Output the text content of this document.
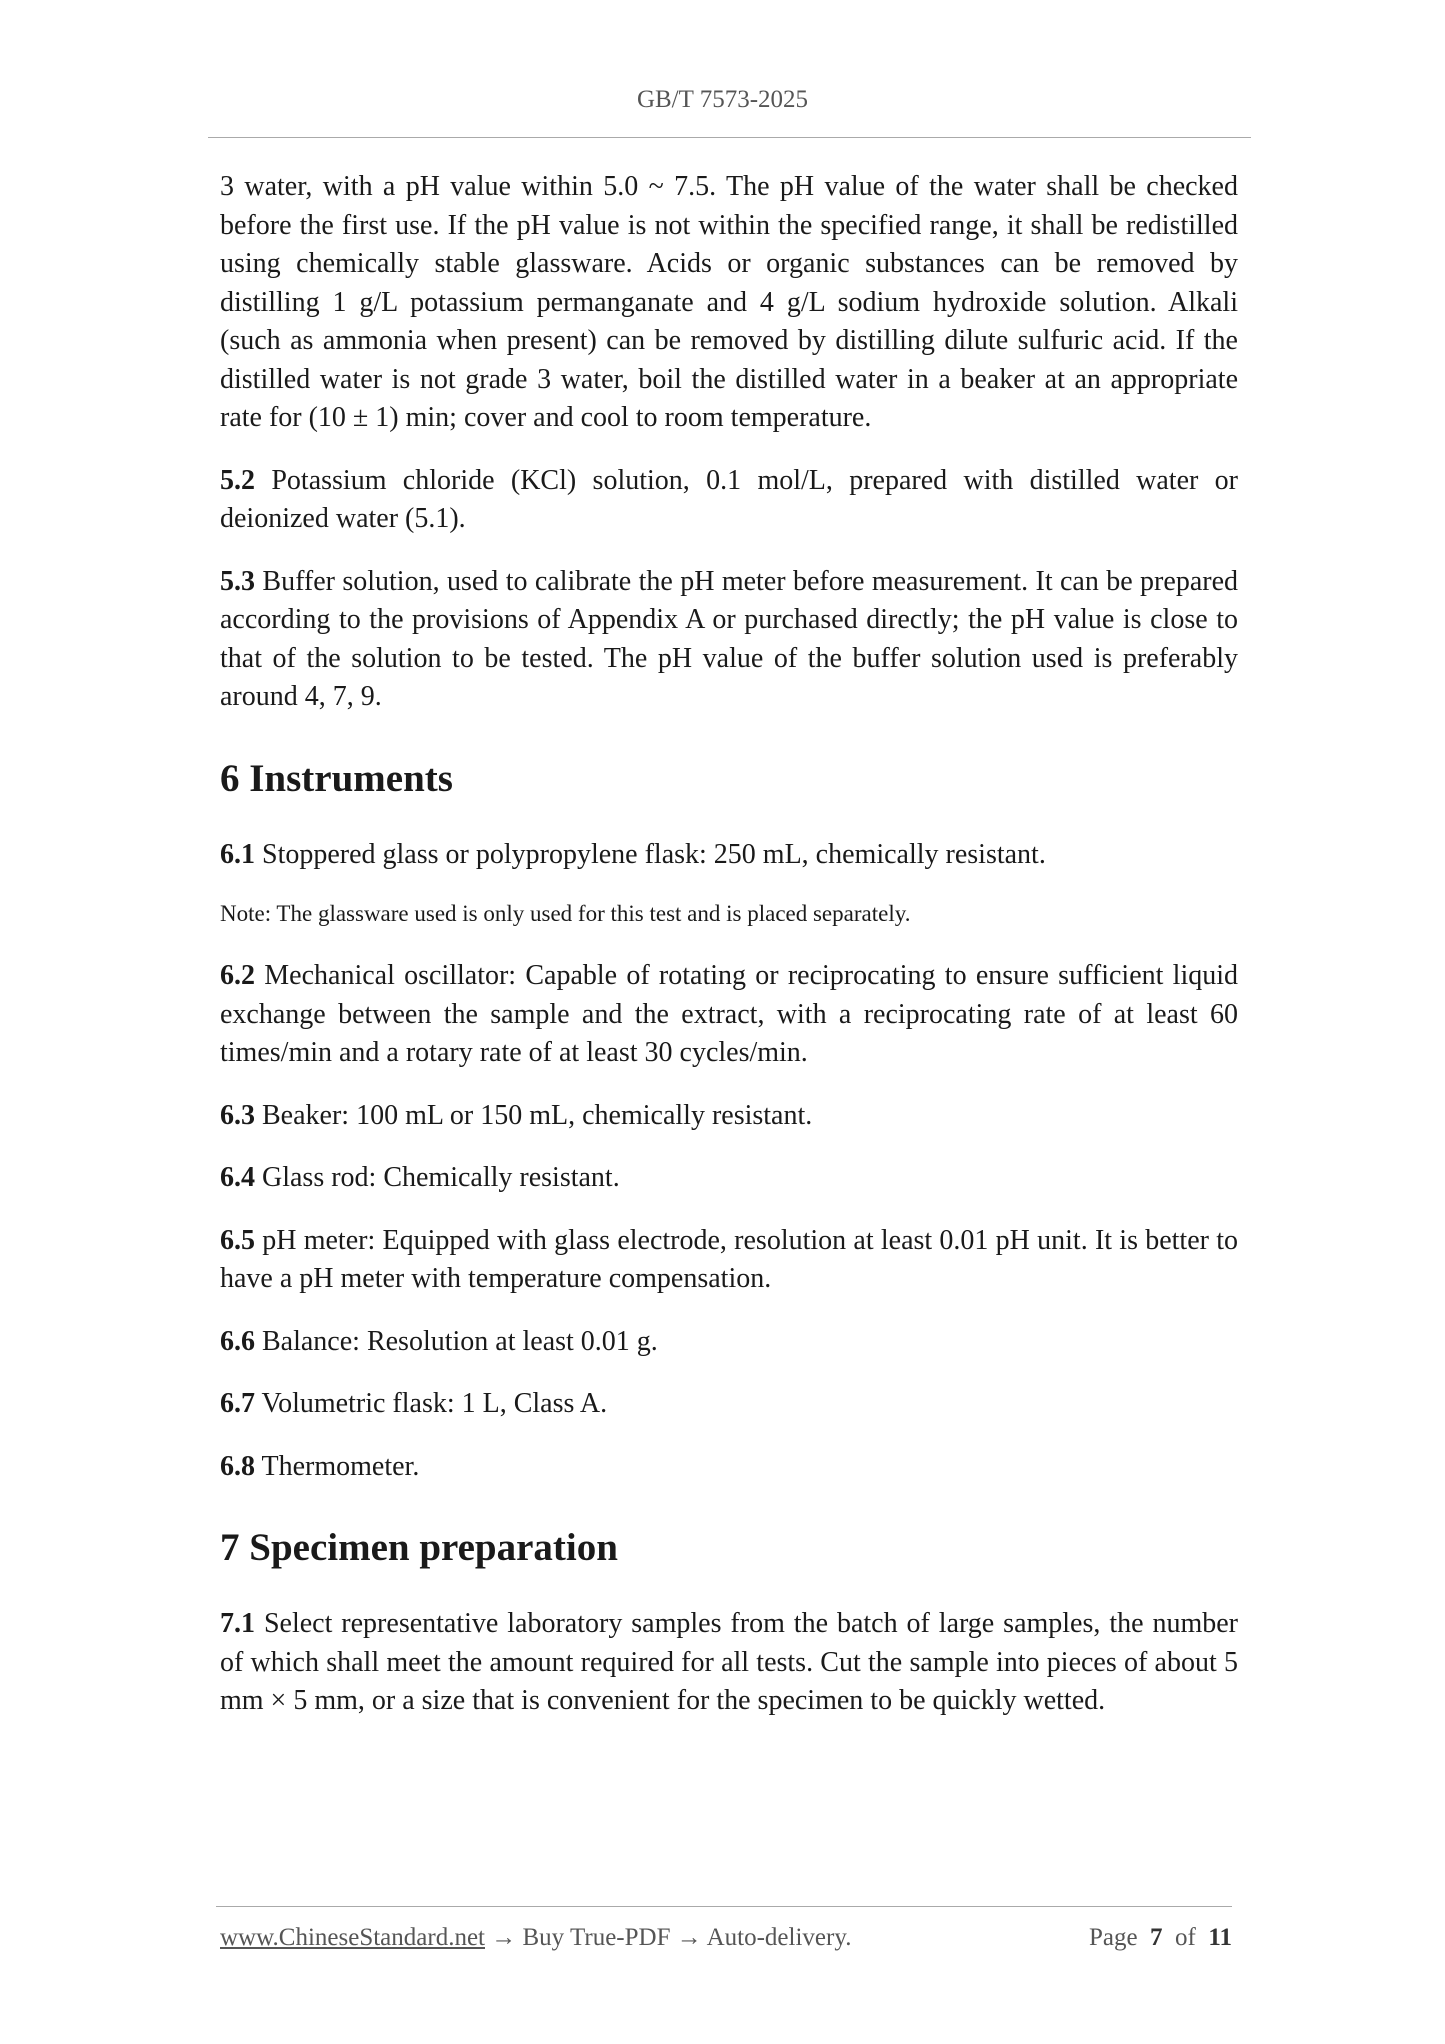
GB/T 7573-2025

3 water, with a pH value within 5.0 ~ 7.5. The pH value of the water shall be checked before the first use. If the pH value is not within the specified range, it shall be redistilled using chemically stable glassware. Acids or organic substances can be removed by distilling 1 g/L potassium permanganate and 4 g/L sodium hydroxide solution. Alkali (such as ammonia when present) can be removed by distilling dilute sulfuric acid. If the distilled water is not grade 3 water, boil the distilled water in a beaker at an appropriate rate for (10 ± 1) min; cover and cool to room temperature.

5.2 Potassium chloride (KCl) solution, 0.1 mol/L, prepared with distilled water or deionized water (5.1).

5.3 Buffer solution, used to calibrate the pH meter before measurement. It can be prepared according to the provisions of Appendix A or purchased directly; the pH value is close to that of the solution to be tested. The pH value of the buffer solution used is preferably around 4, 7, 9.

6 Instruments

6.1 Stoppered glass or polypropylene flask: 250 mL, chemically resistant.

Note: The glassware used is only used for this test and is placed separately.

6.2 Mechanical oscillator: Capable of rotating or reciprocating to ensure sufficient liquid exchange between the sample and the extract, with a reciprocating rate of at least 60 times/min and a rotary rate of at least 30 cycles/min.

6.3 Beaker: 100 mL or 150 mL, chemically resistant.

6.4 Glass rod: Chemically resistant.

6.5 pH meter: Equipped with glass electrode, resolution at least 0.01 pH unit. It is better to have a pH meter with temperature compensation.

6.6 Balance: Resolution at least 0.01 g.

6.7 Volumetric flask: 1 L, Class A.

6.8 Thermometer.

7 Specimen preparation

7.1 Select representative laboratory samples from the batch of large samples, the number of which shall meet the amount required for all tests. Cut the sample into pieces of about 5 mm × 5 mm, or a size that is convenient for the specimen to be quickly wetted.

www.ChineseStandard.net → Buy True-PDF → Auto-delivery.	Page 7 of 11
